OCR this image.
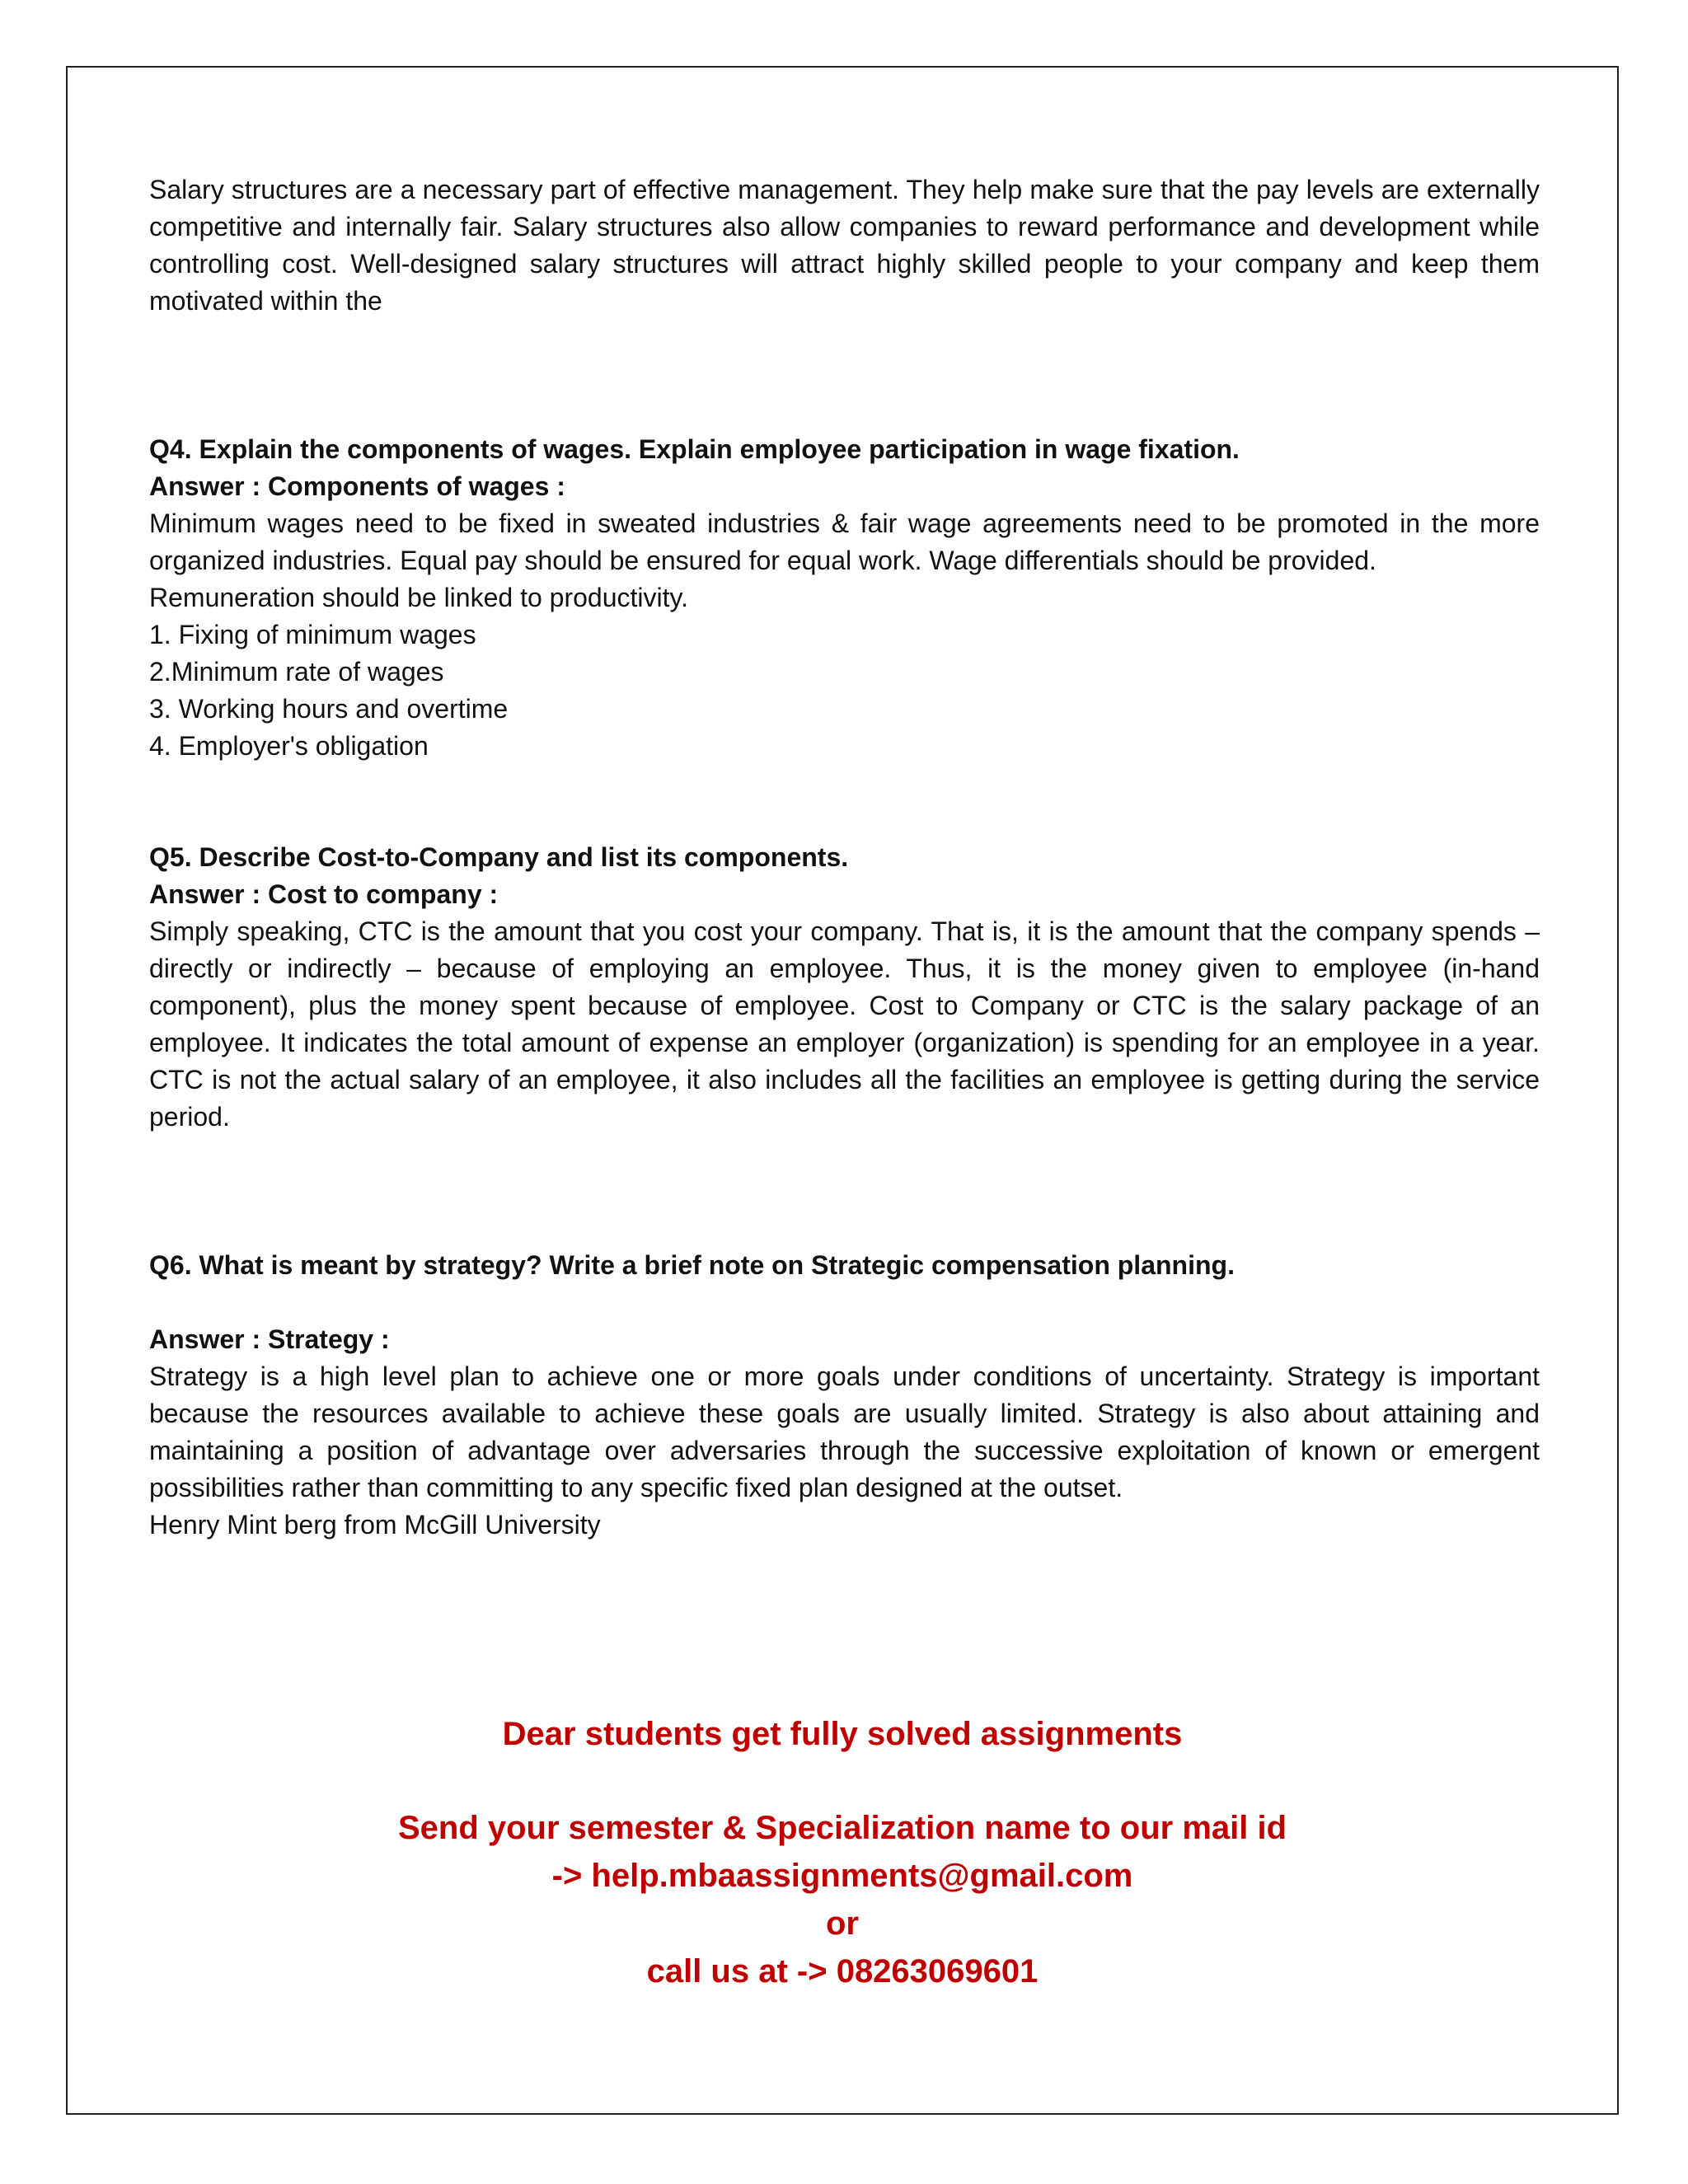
Salary structures are a necessary part of effective management. They help make sure that the pay levels are externally competitive and internally fair. Salary structures also allow companies to reward performance and development while controlling cost. Well-designed salary structures will attract highly skilled people to your company and keep them motivated within the

Q4. Explain the components of wages. Explain employee participation in wage fixation.

Answer : Components of wages :

Minimum wages need to be fixed in sweated industries & fair wage agreements need to be promoted in the more organized industries. Equal pay should be ensured for equal work. Wage differentials should be provided.

Remuneration should be linked to productivity.

1. Fixing of minimum wages

2.Minimum rate of wages

3. Working hours and overtime

4. Employer's obligation

Q5. Describe Cost-to-Company and list its components.

Answer : Cost to company :

Simply speaking, CTC is the amount that you cost your company. That is, it is the amount that the company spends – directly or indirectly – because of employing an employee. Thus, it is the money given to employee (in-hand component), plus the money spent because of employee. Cost to Company or CTC is the salary package of an employee. It indicates the total amount of expense an employer (organization) is spending for an employee in a year. CTC is not the actual salary of an employee, it also includes all the facilities an employee is getting during the service period.

Q6. What is meant by strategy? Write a brief note on Strategic compensation planning.

Answer : Strategy :

Strategy is a high level plan to achieve one or more goals under conditions of uncertainty. Strategy is important because the resources available to achieve these goals are usually limited. Strategy is also about attaining and maintaining a position of advantage over adversaries through the successive exploitation of known or emergent possibilities rather than committing to any specific fixed plan designed at the outset.

Henry Mint berg from McGill University

Dear students get fully solved assignments

Send your semester & Specialization name to our mail id

-> help.mbaassignments@gmail.com

or

call us at -> 08263069601
